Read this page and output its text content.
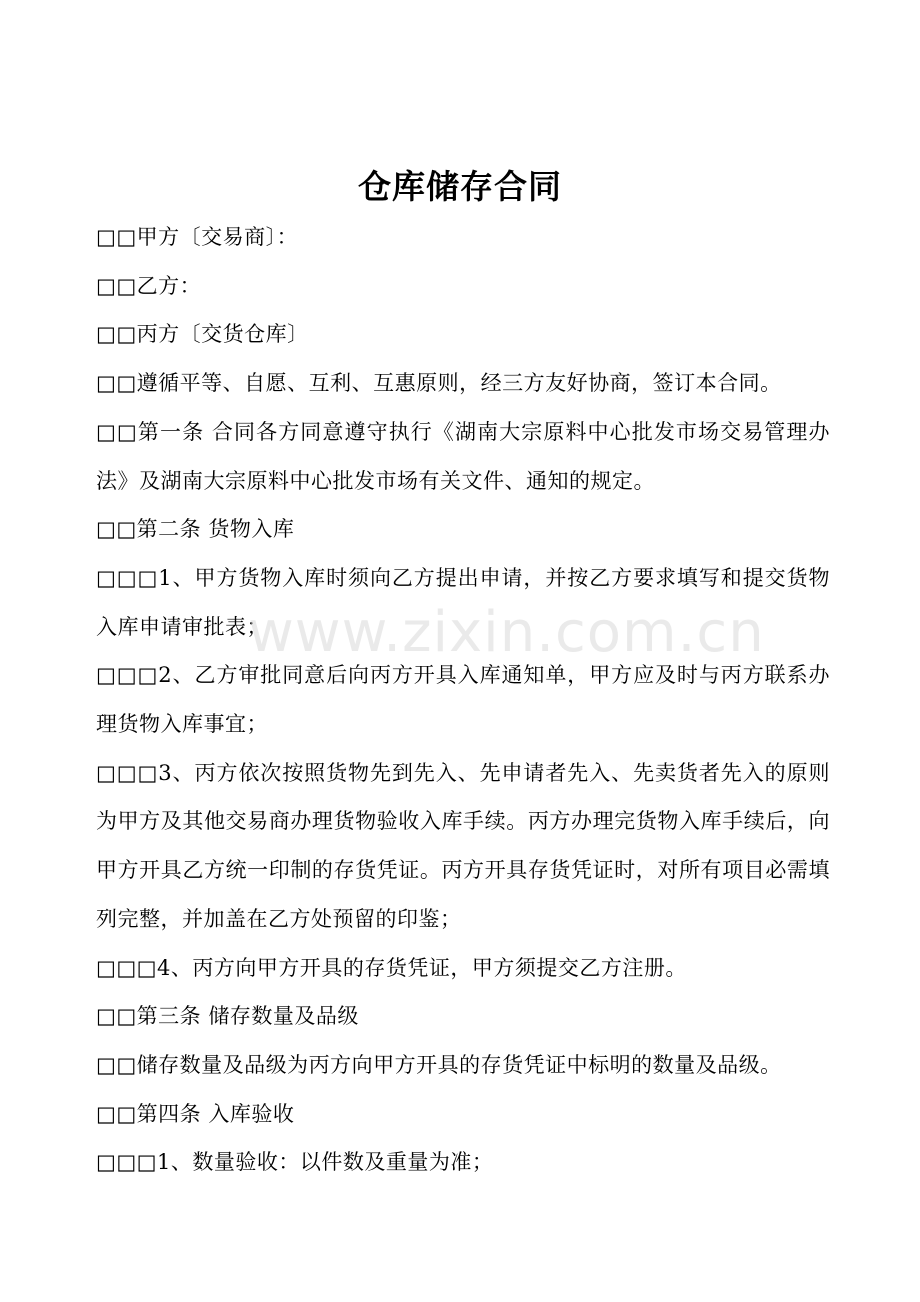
仓库储存合同

□□甲方〔交易商〕：

□□乙方：

□□丙方〔交货仓库〕

□□遵循平等、自愿、互利、互惠原则，经三方友好协商，签订本合同。

□□第一条 合同各方同意遵守执行《湖南大宗原料中心批发市场交易管理办法》及湖南大宗原料中心批发市场有关文件、通知的规定。

□□第二条 货物入库

□□□1、甲方货物入库时须向乙方提出申请，并按乙方要求填写和提交货物入库申请审批表；

□□□2、乙方审批同意后向丙方开具入库通知单，甲方应及时与丙方联系办理货物入库事宜；

□□□3、丙方依次按照货物先到先入、先申请者先入、先卖货者先入的原则为甲方及其他交易商办理货物验收入库手续。丙方办理完货物入库手续后，向甲方开具乙方统一印制的存货凭证。丙方开具存货凭证时，对所有项目必需填列完整，并加盖在乙方处预留的印鉴；

□□□4、丙方向甲方开具的存货凭证，甲方须提交乙方注册。

□□第三条 储存数量及品级

□□储存数量及品级为丙方向甲方开具的存货凭证中标明的数量及品级。

□□第四条 入库验收

□□□1、数量验收：以件数及重量为准；

www.zixin.com.cn
